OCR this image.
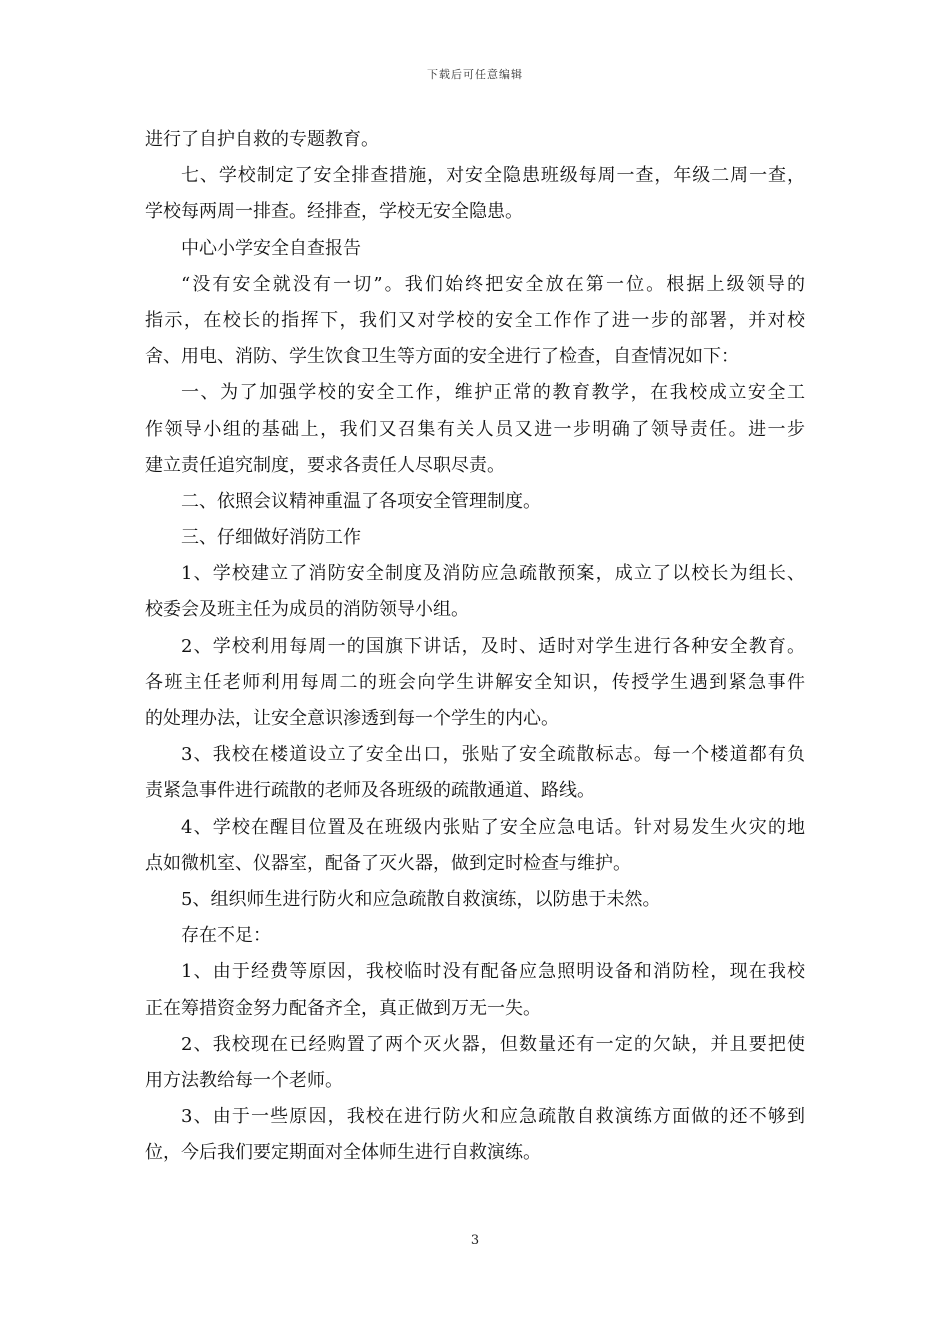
下载后可任意编辑
进行了自护自救的专题教育。
七、学校制定了安全排查措施，对安全隐患班级每周一查，年级二周一查，
学校每两周一排查。经排查，学校无安全隐患。
中心小学安全自查报告
“没有安全就没有一切”。我们始终把安全放在第一位。根据上级领导的
指示，在校长的指挥下，我们又对学校的安全工作作了进一步的部署，并对校
舍、用电、消防、学生饮食卫生等方面的安全进行了检查，自查情况如下：
一、为了加强学校的安全工作，维护正常的教育教学，在我校成立安全工
作领导小组的基础上，我们又召集有关人员又进一步明确了领导责任。进一步
建立责任追究制度，要求各责任人尽职尽责。
二、依照会议精神重温了各项安全管理制度。
三、仔细做好消防工作
1、学校建立了消防安全制度及消防应急疏散预案，成立了以校长为组长、
校委会及班主任为成员的消防领导小组。
2、学校利用每周一的国旗下讲话，及时、适时对学生进行各种安全教育。
各班主任老师利用每周二的班会向学生讲解安全知识，传授学生遇到紧急事件
的处理办法，让安全意识渗透到每一个学生的内心。
3、我校在楼道设立了安全出口，张贴了安全疏散标志。每一个楼道都有负
责紧急事件进行疏散的老师及各班级的疏散通道、路线。
4、学校在醒目位置及在班级内张贴了安全应急电话。针对易发生火灾的地
点如微机室、仪器室，配备了灭火器，做到定时检查与维护。
5、组织师生进行防火和应急疏散自救演练，以防患于未然。
存在不足：
1、由于经费等原因，我校临时没有配备应急照明设备和消防栓，现在我校
正在筹措资金努力配备齐全，真正做到万无一失。
2、我校现在已经购置了两个灭火器，但数量还有一定的欠缺，并且要把使
用方法教给每一个老师。
3、由于一些原因，我校在进行防火和应急疏散自救演练方面做的还不够到
位，今后我们要定期面对全体师生进行自救演练。
3
